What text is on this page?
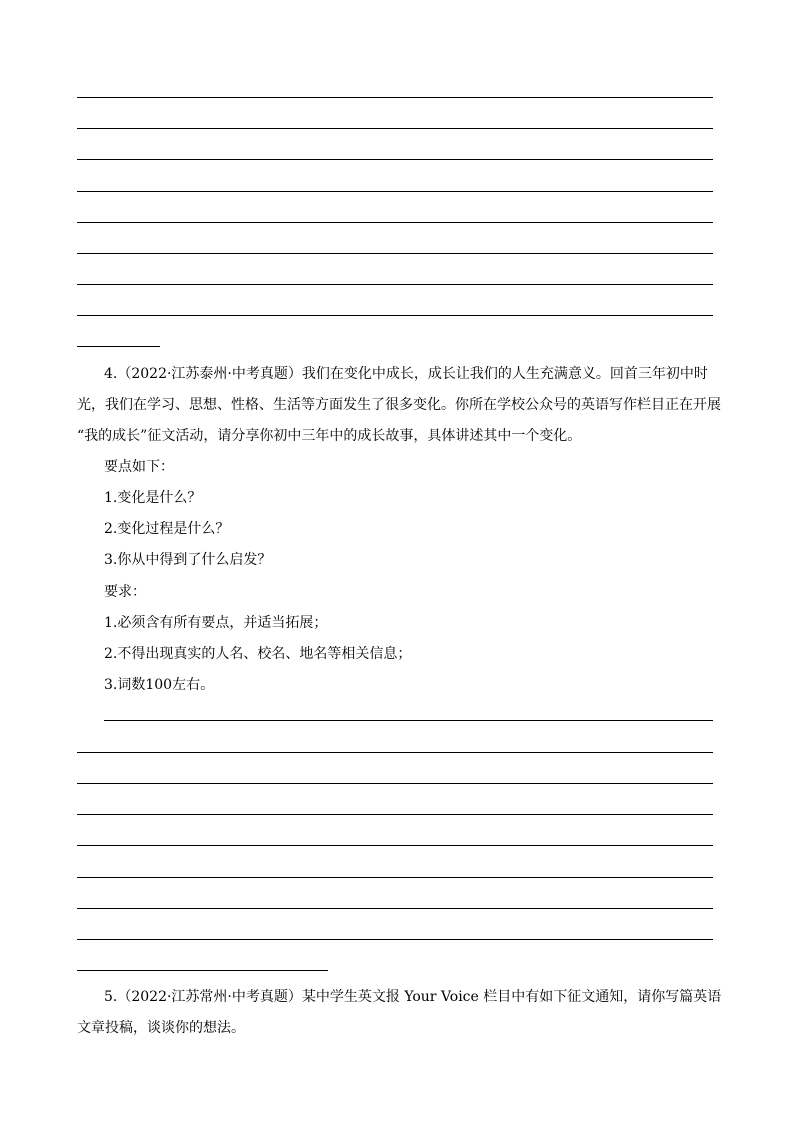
4.（2022·江苏泰州·中考真题）我们在变化中成长，成长让我们的人生充满意义。回首三年初中时
光，我们在学习、思想、性格、生活等方面发生了很多变化。你所在学校公众号的英语写作栏目正在开展
“我的成长”征文活动，请分享你初中三年中的成长故事，具体讲述其中一个变化。
要点如下：
1.变化是什么？
2.变化过程是什么？
3.你从中得到了什么启发？
要求：
1.必须含有所有要点，并适当拓展；
2.不得出现真实的人名、校名、地名等相关信息；
3.词数100左右。
5.（2022·江苏常州·中考真题）某中学生英文报 Your Voice 栏目中有如下征文通知，请你写篇英语
文章投稿，谈谈你的想法。
